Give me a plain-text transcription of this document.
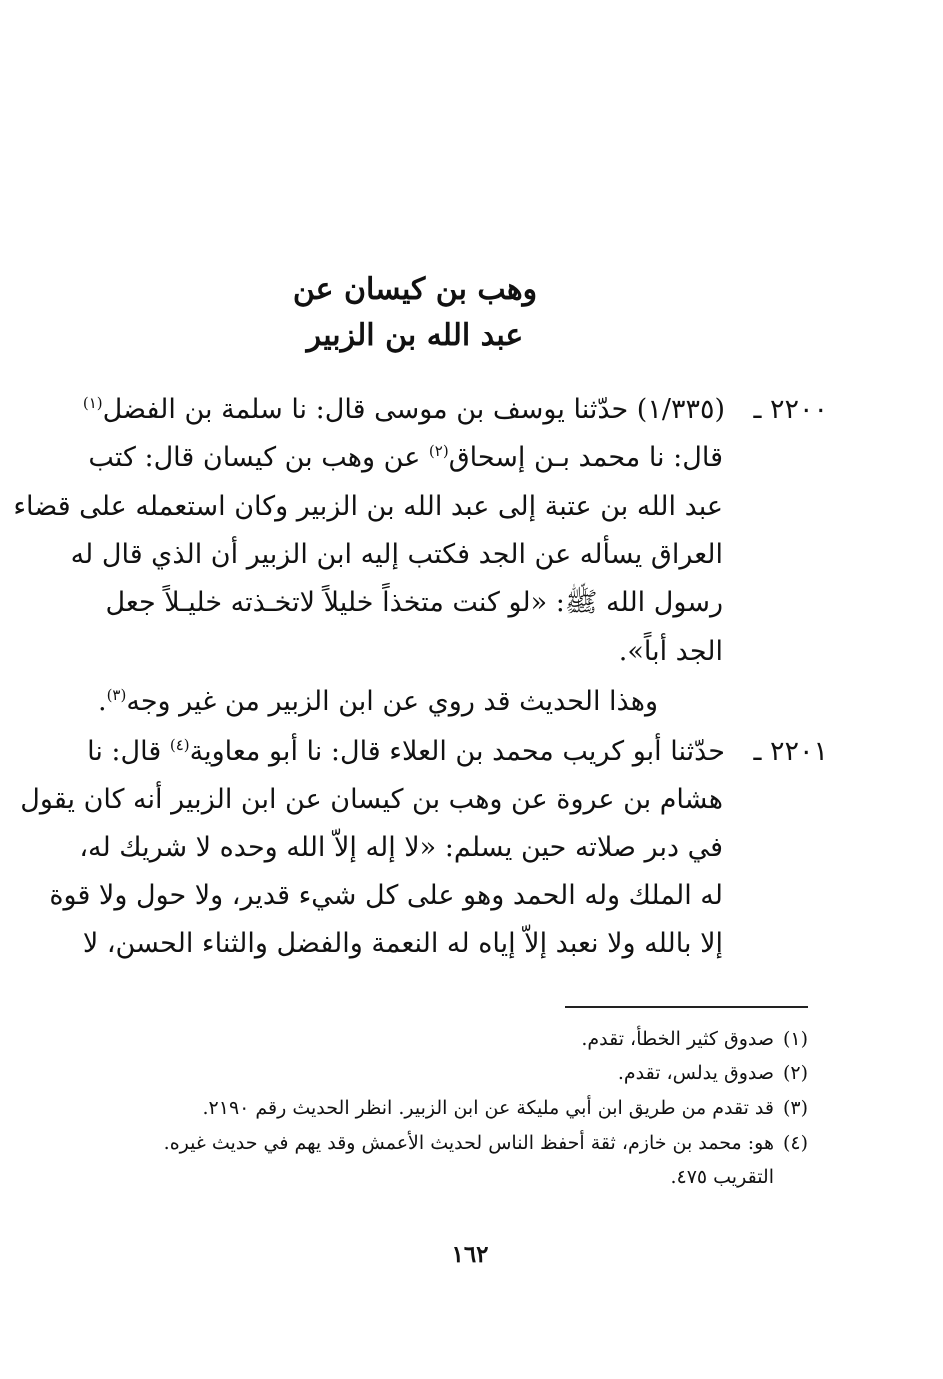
وهب بن كيسان عن
عبد الله بن الزبير
٢٢٠٠ ـ
(١/٣٣٥) حدّثنا يوسف بن موسى قال: نا سلمة بن الفضل$^{(١)}$
قال: نا محمد بـن إسحاق$^{(٢)}$ عن وهب بن كيسان قال: كتب
عبد الله بن عتبة إلى عبد الله بن الزبير وكان استعمله على قضاء
العراق يسأله عن الجد فكتب إليه ابن الزبير أن الذي قال له
رسول الله ﷺ: «لو كنت متخذاً خليلاً لاتخـذته خليـلاً جعل
الجد أباً».
وهذا الحديث قد روي عن ابن الزبير من غير وجه$^{(٣)}$.
٢٢٠١ ـ
حدّثنا أبو كريب محمد بن العلاء قال: نا أبو معاوية$^{(٤)}$ قال: نا
هشام بن عروة عن وهب بن كيسان عن ابن الزبير أنه كان يقول
في دبر صلاته حين يسلم: «لا إله إلاّ الله وحده لا شريك له،
له الملك وله الحمد وهو على كل شيء قدير، ولا حول ولا قوة
إلا بالله ولا نعبد إلاّ إياه له النعمة والفضل والثناء الحسن، لا
(١)
صدوق كثير الخطأ، تقدم.
(٢)
صدوق يدلس، تقدم.
(٣)
قد تقدم من طريق ابن أبي مليكة عن ابن الزبير. انظر الحديث رقم ٢١٩٠.
(٤)
هو: محمد بن خازم، ثقة أحفظ الناس لحديث الأعمش وقد يهم في حديث غيره.
التقريب ٤٧٥.
١٦٢
